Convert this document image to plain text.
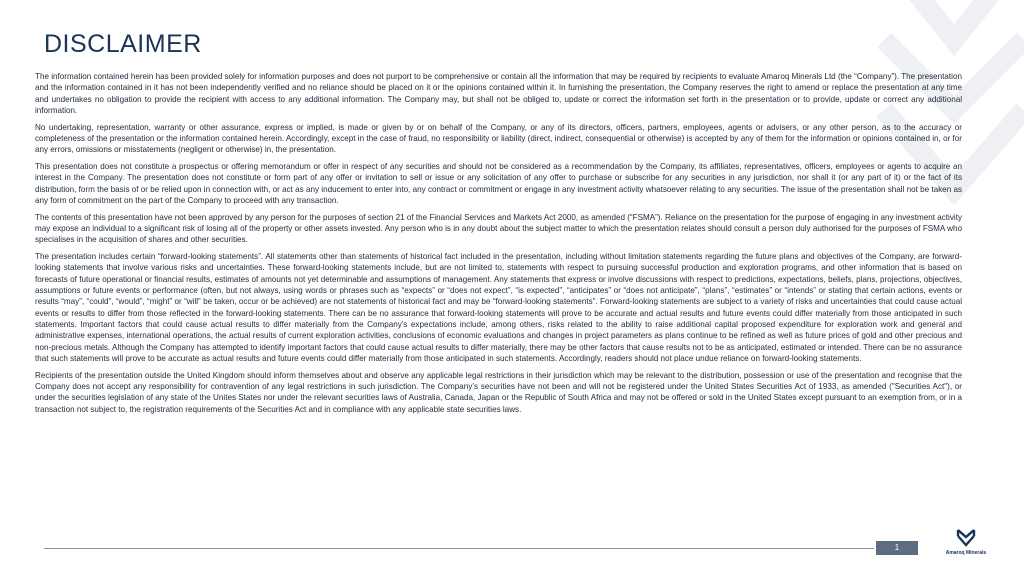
DISCLAIMER

The information contained herein has been provided solely for information purposes and does not purport to be comprehensive or contain all the information that may be required by recipients to evaluate Amaroq Minerals Ltd (the “Company”). The presentation and the information contained in it has not been independently verified and no reliance should be placed on it or the opinions contained within it. In furnishing the presentation, the Company reserves the right to amend or replace the presentation at any time and undertakes no obligation to provide the recipient with access to any additional information. The Company may, but shall not be obliged to, update or correct the information set forth in the presentation or to provide, update or correct any additional information.

No undertaking, representation, warranty or other assurance, express or implied, is made or given by or on behalf of the Company, or any of its directors, officers, partners, employees, agents or advisers, or any other person, as to the accuracy or completeness of the presentation or the information contained herein. Accordingly, except in the case of fraud, no responsibility or liability (direct, indirect, consequential or otherwise) is accepted by any of them for the information or opinions contained in, or for any errors, omissions or misstatements (negligent or otherwise) in, the presentation.

This presentation does not constitute a prospectus or offering memorandum or offer in respect of any securities and should not be considered as a recommendation by the Company, its affiliates, representatives, officers, employees or agents to acquire an interest in the Company. The presentation does not constitute or form part of any offer or invitation to sell or issue or any solicitation of any offer to purchase or subscribe for any securities in any jurisdiction, nor shall it (or any part of it) or the fact of its distribution, form the basis of or be relied upon in connection with, or act as any inducement to enter into, any contract or commitment or engage in any investment activity whatsoever relating to any securities. The issue of the presentation shall not be taken as any form of commitment on the part of the Company to proceed with any transaction.

The contents of this presentation have not been approved by any person for the purposes of section 21 of the Financial Services and Markets Act 2000, as amended (“FSMA”). Reliance on the presentation for the purpose of engaging in any investment activity may expose an individual to a significant risk of losing all of the property or other assets invested. Any person who is in any doubt about the subject matter to which the presentation relates should consult a person duly authorised for the purposes of FSMA who specialises in the acquisition of shares and other securities.

The presentation includes certain “forward-looking statements”. All statements other than statements of historical fact included in the presentation, including without limitation statements regarding the future plans and objectives of the Company, are forward-looking statements that involve various risks and uncertainties. These forward-looking statements include, but are not limited to, statements with respect to pursuing successful production and exploration programs, and other information that is based on forecasts of future operational or financial results, estimates of amounts not yet determinable and assumptions of management. Any statements that express or involve discussions with respect to predictions, expectations, beliefs, plans, projections, objectives, assumptions or future events or performance (often, but not always, using words or phrases such as “expects” or “does not expect”, “is expected”, “anticipates” or “does not anticipate”, “plans”, “estimates” or “intends” or stating that certain actions, events or results “may”, “could”, “would”, “might” or “will” be taken, occur or be achieved) are not statements of historical fact and may be “forward-looking statements”. Forward-looking statements are subject to a variety of risks and uncertainties that could cause actual events or results to differ from those reflected in the forward-looking statements. There can be no assurance that forward-looking statements will prove to be accurate and actual results and future events could differ materially from those anticipated in such statements. Important factors that could cause actual results to differ materially from the Company’s expectations include, among others, risks related to the ability to raise additional capital proposed expenditure for exploration work and general and administrative expenses, international operations, the actual results of current exploration activities, conclusions of economic evaluations and changes in project parameters as plans continue to be refined as well as future prices of gold and other precious and non-precious metals. Although the Company has attempted to identify important factors that could cause actual results to differ materially, there may be other factors that cause results not to be as anticipated, estimated or intended. There can be no assurance that such statements will prove to be accurate as actual results and future events could differ materially from those anticipated in such statements. Accordingly, readers should not place undue reliance on forward-looking statements.

Recipients of the presentation outside the United Kingdom should inform themselves about and observe any applicable legal restrictions in their jurisdiction which may be relevant to the distribution, possession or use of the presentation and recognise that the Company does not accept any responsibility for contravention of any legal restrictions in such jurisdiction. The Company’s securities have not been and will not be registered under the United States Securities Act of 1933, as amended ("Securities Act"), or under the securities legislation of any state of the Unites States nor under the relevant securities laws of Australia, Canada, Japan or the Republic of South Africa and may not be offered or sold in the United States except pursuant to an exemption from, or in a transaction not subject to, the registration requirements of the Securities Act and in compliance with any applicable state securities laws.

1
Amaroq Minerals
